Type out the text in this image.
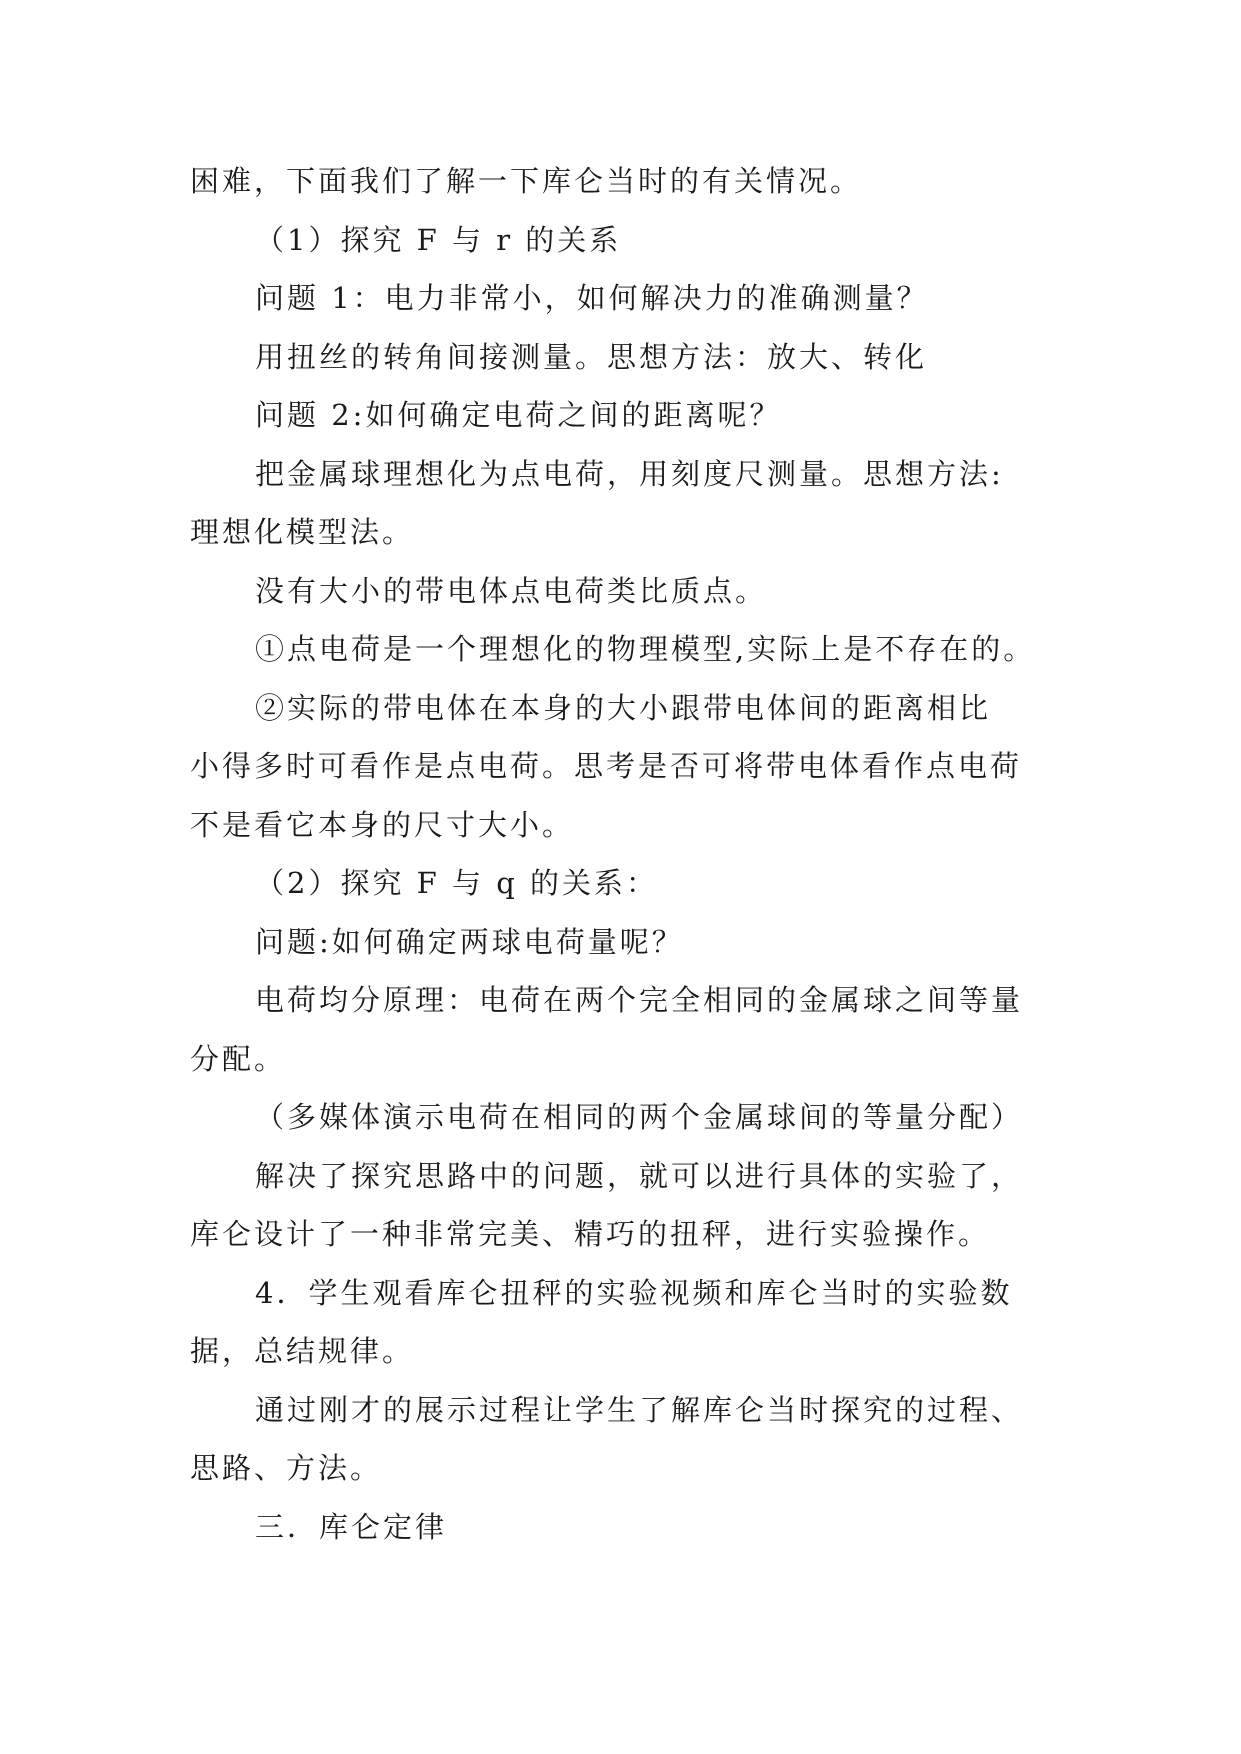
困难，下面我们了解一下库仑当时的有关情况。
（1）探究 F 与 r 的关系
问题 1：电力非常小，如何解决力的准确测量？
用扭丝的转角间接测量。思想方法：放大、转化
问题 2:如何确定电荷之间的距离呢？
把金属球理想化为点电荷，用刻度尺测量。思想方法:
理想化模型法。
没有大小的带电体点电荷类比质点。
①点电荷是一个理想化的物理模型,实际上是不存在的。
②实际的带电体在本身的大小跟带电体间的距离相比
小得多时可看作是点电荷。思考是否可将带电体看作点电荷
不是看它本身的尺寸大小。
（2）探究 F 与 q 的关系：
问题:如何确定两球电荷量呢？
电荷均分原理：电荷在两个完全相同的金属球之间等量
分配。
（多媒体演示电荷在相同的两个金属球间的等量分配）
解决了探究思路中的问题，就可以进行具体的实验了，
库仑设计了一种非常完美、精巧的扭秤，进行实验操作。
4．学生观看库仑扭秤的实验视频和库仑当时的实验数
据，总结规律。
通过刚才的展示过程让学生了解库仑当时探究的过程、
思路、方法。
三．库仑定律
